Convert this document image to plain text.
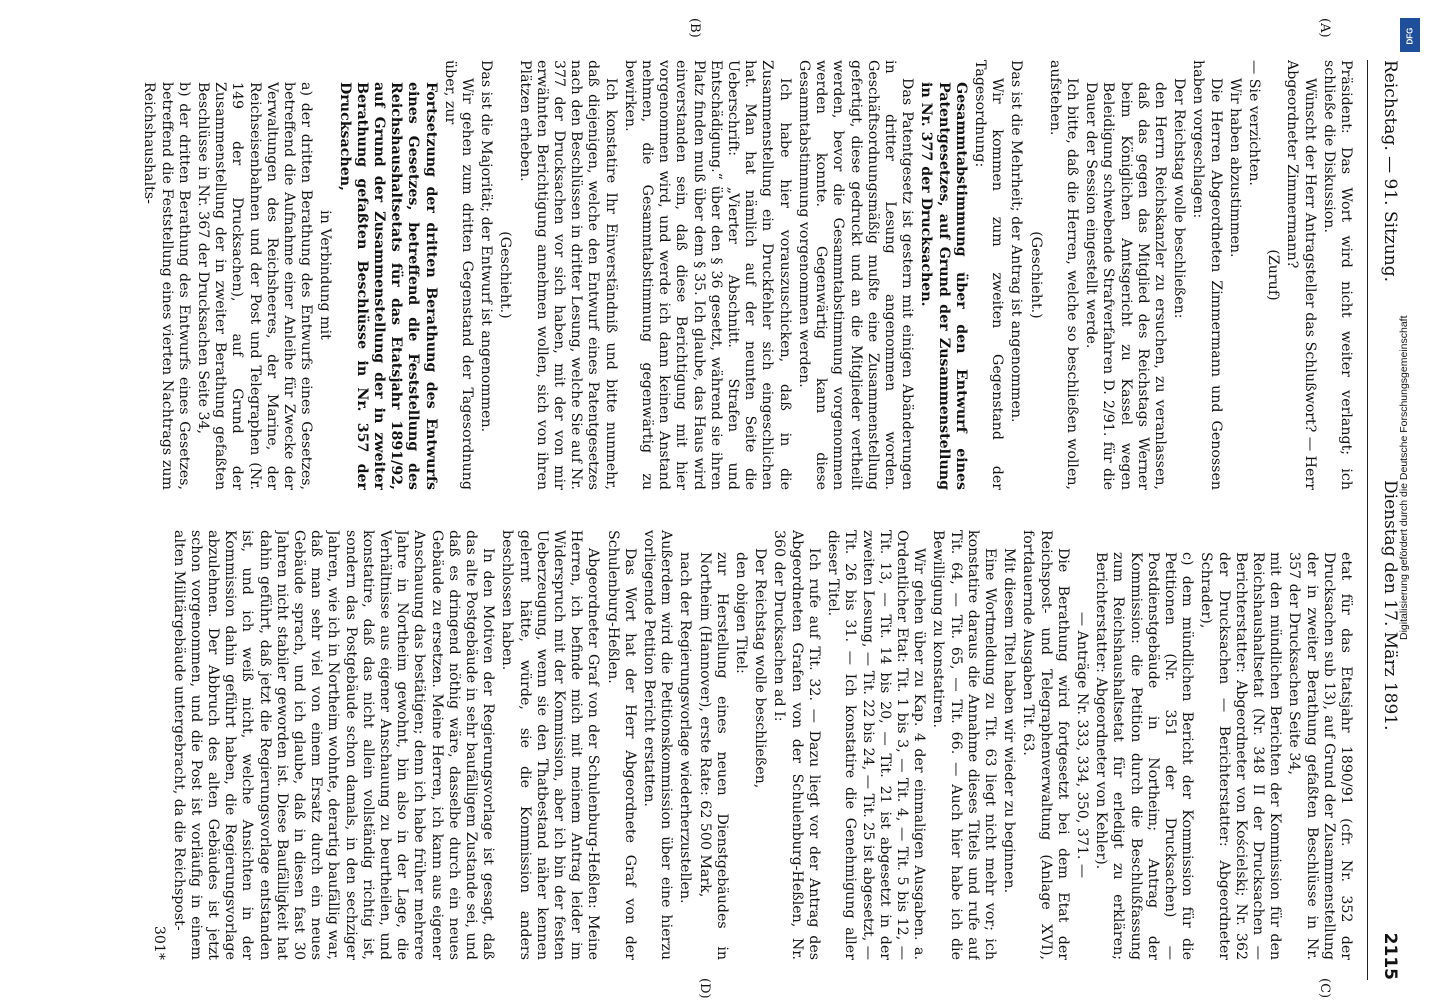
Reichstag. — 91. Sitzung.
Dienstag den 17. März 1891.
2115
(A)
(B)
(C)
(D)

Präsident: Das Wort wird nicht weiter verlangt; ich schließe die Diskussion.

Wünscht der Herr Antragsteller das Schlußwort? — Herr Abgeordneter Zimmermann?

(Zuruf)

— Sie verzichten.

Wir haben abzustimmen.

Die Herren Abgeordneten Zimmermann und Genossen haben vorgeschlagen:

Der Reichstag wolle beschließen:

den Herrn Reichskanzler zu ersuchen, zu veranlassen, daß das gegen das Mitglied des Reichstags Werner beim Königlichen Amtsgericht zu Kassel wegen Beleidigung schwebende Strafverfahren D. 2/91. für die Dauer der Session eingestellt werde.

Ich bitte, daß die Herren, welche so beschließen wollen, aufstehen.

(Geschieht.)

Das ist die Mehrheit; der Antrag ist angenommen.

Wir kommen zum zweiten Gegenstand der Tagesordnung:

Gesammtabstimmung über den Entwurf eines Patentgesetzes, auf Grund der Zusammenstellung in Nr. 377 der Drucksachen.

Das Patentgesetz ist gestern mit einigen Abänderungen in dritter Lesung angenommen worden. Geschäftsordnungsmäßig mußte eine Zusammenstellung gefertigt, diese gedruckt und an die Mitglieder vertheilt werden, bevor die Gesammtabstimmung vorgenommen werden konnte. Gegenwärtig kann diese Gesammtabstimmung vorgenommen werden.

Ich habe hier vorauszuschicken, daß in die Zusammenstellung ein Druckfehler sich eingeschlichen hat. Man hat nämlich auf der neunten Seite die Ueberschrift: „Vierter Abschnitt. Strafen und Entschädigung.“ über den § 36 gesetzt, während sie ihren Platz finden muß über dem § 35. Ich glaube, das Haus wird einverstanden sein, daß diese Berichtigung mit hier vorgenommen wird, und werde ich dann keinen Anstand nehmen, die Gesammtabstimmung gegenwärtig zu bewirken.

Ich konstatire Ihr Einverständniß und bitte nunmehr, daß diejenigen, welche den Entwurf eines Patentgesetzes nach den Beschlüssen in dritter Lesung, welche Sie auf Nr. 377 der Drucksachen vor sich haben, mit der von mir erwähnten Berichtigung annehmen wollen, sich von ihren Plätzen erheben.

(Geschieht.)

Das ist die Majorität; der Entwurf ist angenommen.

Wir gehen zum dritten Gegenstand der Tagesordnung über, zur

Fortsetzung der dritten Berathung des Entwurfs eines Gesetzes, betreffend die Feststellung des Reichshaushaltsetats für das Etatsjahr 1891/92, auf Grund der Zusammenstellung der in zweiter Berathung gefaßten Beschlüsse in Nr. 357 der Drucksachen,

in Verbindung mit

a) der dritten Berathung des Entwurfs eines Gesetzes, betreffend die Aufnahme einer Anleihe für Zwecke der Verwaltungen des Reichsheeres, der Marine, der Reichseisenbahnen und der Post und Telegraphen (Nr. 149 der Drucksachen), auf Grund der Zusammenstellung der in zweiter Berathung gefaßten Beschlüsse in Nr. 367 der Drucksachen Seite 34,

b) der dritten Berathung des Entwurfs eines Gesetzes, betreffend die Feststellung eines vierten Nachtrags zum Reichshaushalts-

etat für das Etatsjahr 1890/91 (cfr. Nr. 352 der Drucksachen sub 13), auf Grund der Zusammenstellung der in zweiter Berathung gefaßten Beschlüsse in Nr. 357 der Drucksachen Seite 34,

mit den mündlichen Berichten der Kommission für den Reichshaushaltsetat (Nr. 348 II der Drucksachen — Berichterstatter: Abgeordneter von Kościelski; Nr. 362 der Drucksachen — Berichterstatter: Abgeordneter Schrader),

c) dem mündlichen Bericht der Kommission für die Petitionen (Nr. 351 der Drucksachen) — Postdienstgebäude in Northeim; Antrag der Kommission: die Petition durch die Beschlußfassung zum Reichshaushaltsetat für erledigt zu erklären; Berichterstatter: Abgeordneter von Kehler).

— Anträge Nr. 333, 334, 350, 371. —

Die Berathung wird fortgesetzt bei dem Etat der Reichspost- und Telegraphenverwaltung (Anlage XVI), fortdauernde Ausgaben Tit. 63.

Mit diesem Titel haben wir wieder zu beginnen.

Eine Wortmeldung zu Tit. 63 liegt nicht mehr vor; ich konstatire daraus die Annahme dieses Titels und rufe auf Tit. 64, — Tit. 65, — Tit. 66. — Auch hier habe ich die Bewilligung zu konstatiren.

Wir gehen über zu Kap. 4 der einmaligen Ausgaben. a. Ordentlicher Etat: Tit. 1 bis 3, — Tit. 4, — Tit. 5 bis 12, — Tit. 13, — Tit. 14 bis 20, — Tit. 21 ist abgesetzt in der zweiten Lesung, — Tit. 22 bis 24, — Tit. 25 ist abgesetzt, — Tit. 26 bis 31. — Ich konstatire die Genehmigung aller dieser Titel.

Ich rufe auf Tit. 32. — Dazu liegt vor der Antrag des Abgeordneten Grafen von der Schulenburg-Heßlen, Nr. 360 der Drucksachen ad I:

Der Reichstag wolle beschließen,

den obigen Titel:

zur Herstellung eines neuen Dienstgebäudes in Northeim (Hannover), erste Rate: 62 500 Mark,

nach der Regierungsvorlage wiederherzustellen.

Außerdem wird die Petitionskommission über eine hierzu vorliegende Petition Bericht erstatten.

Das Wort hat der Herr Abgeordnete Graf von der Schulenburg-Heßlen.

Abgeordneter Graf von der Schulenburg-Heßlen: Meine Herren, ich befinde mich mit meinem Antrag leider im Widerspruch mit der Kommission, aber ich bin der festen Ueberzeugung, wenn sie den Thatbestand näher kennen gelernt hätte, würde, sie die Kommission anders beschlossen haben.

In den Motiven der Regierungsvorlage ist gesagt, daß das alte Postgebäude in sehr baufälligem Zustande sei, und daß es dringend nöthig wäre, dasselbe durch ein neues Gebäude zu ersetzen. Meine Herren, ich kann aus eigener Anschauung das bestätigen; denn ich habe früher mehrere Jahre in Northeim gewohnt, bin also in der Lage, die Verhältnisse aus eigener Anschauung zu beurtheilen, und konstatire, daß das nicht allein vollständig richtig ist, sondern das Postgebäude schon damals, in den sechziger Jahren, wie ich in Northeim wohnte, derartig baufällig war, daß man sehr viel von einem Ersatz durch ein neues Gebäude sprach, und ich glaube, daß in diesen fast 30 Jahren nicht stabiler geworden ist. Diese Baufälligkeit hat dahin geführt, daß jetzt die Regierungsvorlage entstanden ist, und ich weiß nicht, welche Ansichten in der Kommission dahin geführt haben, die Regierungsvorlage abzulehnen. Der Abbruch des alten Gebäudes ist jetzt schon vorgenommen, und die Post ist vorläufig in einem alten Militärgebäude untergebracht, da die Reichspost-

301*

DFG
Digitalisierung gefördert durch die Deutsche Forschungsgemeinschaft
